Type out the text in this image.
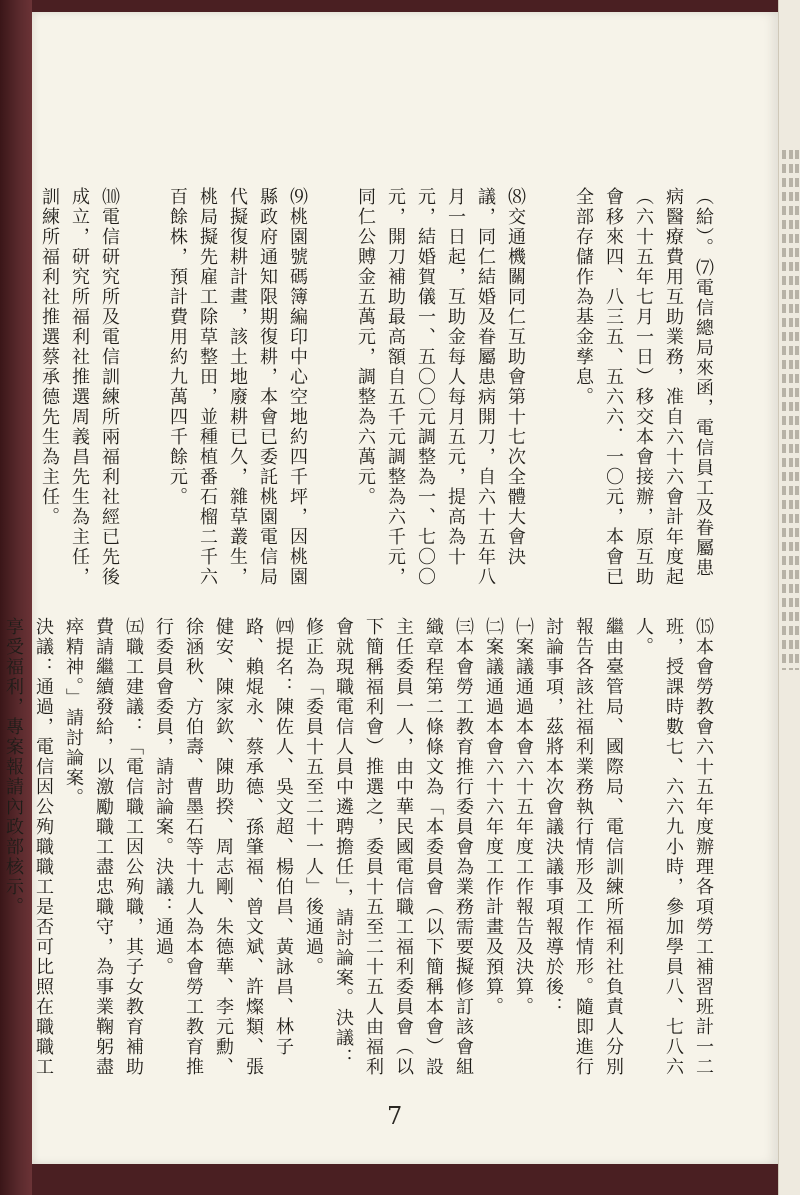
（給）。⑺電信總局來函，電信員工及眷屬患病醫療費用互助業務，准自六十六會計年度起（六十五年七月一日）移交本會接辦，原互助會移來四、八三五、五六六．一〇元，本會已全部存儲作為基金孳息。

⑻交通機關同仁互助會第十七次全體大會決議，同仁結婚及眷屬患病開刀，自六十五年八月一日起，互助金每人每月五元，提高為十元，結婚賀儀一、五〇〇元調整為一、七〇〇元，開刀補助最高額自五千元調整為六千元，同仁公賻金五萬元，調整為六萬元。

⑼桃園號碼簿編印中心空地約四千坪，因桃園縣政府通知限期復耕，本會已委託桃園電信局代擬復耕計畫，該土地廢耕已久，雜草叢生，桃局擬先雇工除草整田，並種植番石榴二千六百餘株，預計費用約九萬四千餘元。

⑽電信研究所及電信訓練所兩福利社經已先後成立，研究所福利社推選周義昌先生為主任，訓練所福利社推選蔡承德先生為主任。

⒂本會勞教會六十五年度辦理各項勞工補習班計一二班，授課時數七、六六九小時，參加學員八、七八六人。

繼由臺管局、國際局、電信訓練所福利社負責人分別報告各該社福利業務執行情形及工作情形。隨即進行討論事項，茲將本次會議決議事項報導於後：

㈠案議通過本會六十五年度工作報告及決算。

㈡案議通過本會六十六年度工作計畫及預算。

㈢本會勞工教育推行委員會為業務需要擬修訂該會組織章程第二條條文為「本委員會（以下簡稱本會）設主任委員一人，由中華民國電信職工福利委員會（以下簡稱福利會）推選之，委員十五至二十五人由福利會就現職電信人員中遴聘擔任」，請討論案。決議：修正為「委員十五至二十一人」後通過。

㈣提名：陳佐人、吳文超、楊伯昌、黃詠昌、林子路、賴焜永、蔡承德、孫肇福、曾文斌、許燦類、張健安、陳家欽、陳助揆、周志剛、朱德華、李元勳、徐涵秋、方伯壽、曹墨石等十九人為本會勞工教育推行委員會委員，請討論案。決議：通過。

㈤職工建議：「電信職工因公殉職，其子女教育補助費請繼續發給，以激勵職工盡忠職守，為事業鞠躬盡瘁精神。」請討論案。

決議：通過，電信因公殉職職工是否可比照在職職工享受福利，專案報請內政部核示。

7
